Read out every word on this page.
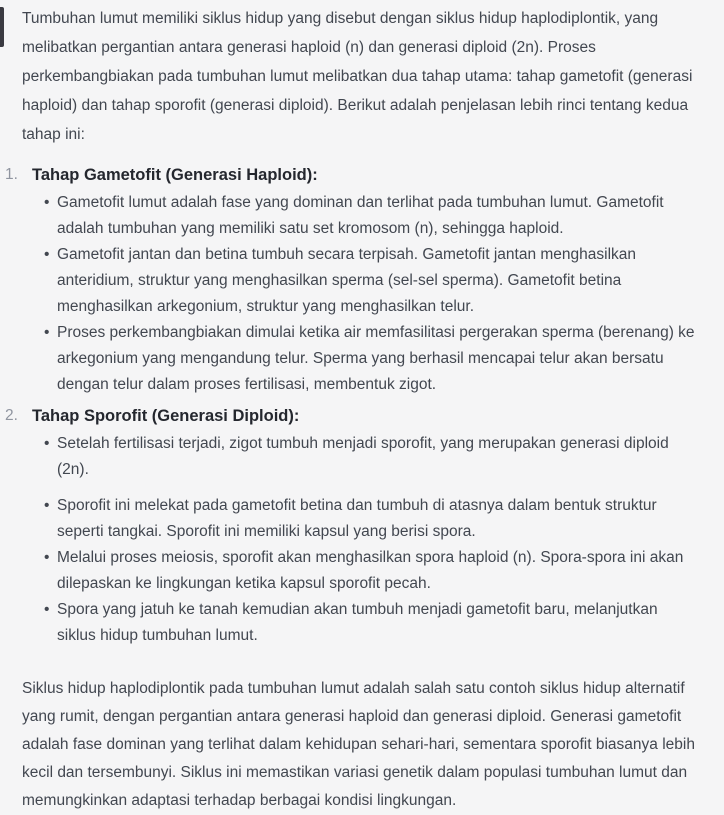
Tumbuhan lumut memiliki siklus hidup yang disebut dengan siklus hidup haplodiplontik, yang melibatkan pergantian antara generasi haploid (n) dan generasi diploid (2n). Proses perkembangbiakan pada tumbuhan lumut melibatkan dua tahap utama: tahap gametofit (generasi haploid) dan tahap sporofit (generasi diploid). Berikut adalah penjelasan lebih rinci tentang kedua tahap ini:

1. Tahap Gametofit (Generasi Haploid):
• Gametofit lumut adalah fase yang dominan dan terlihat pada tumbuhan lumut. Gametofit adalah tumbuhan yang memiliki satu set kromosom (n), sehingga haploid.
• Gametofit jantan dan betina tumbuh secara terpisah. Gametofit jantan menghasilkan anteridium, struktur yang menghasilkan sperma (sel-sel sperma). Gametofit betina menghasilkan arkegonium, struktur yang menghasilkan telur.
• Proses perkembangbiakan dimulai ketika air memfasilitasi pergerakan sperma (berenang) ke arkegonium yang mengandung telur. Sperma yang berhasil mencapai telur akan bersatu dengan telur dalam proses fertilisasi, membentuk zigot.
2. Tahap Sporofit (Generasi Diploid):
• Setelah fertilisasi terjadi, zigot tumbuh menjadi sporofit, yang merupakan generasi diploid (2n).
• Sporofit ini melekat pada gametofit betina dan tumbuh di atasnya dalam bentuk struktur seperti tangkai. Sporofit ini memiliki kapsul yang berisi spora.
• Melalui proses meiosis, sporofit akan menghasilkan spora haploid (n). Spora-spora ini akan dilepaskan ke lingkungan ketika kapsul sporofit pecah.
• Spora yang jatuh ke tanah kemudian akan tumbuh menjadi gametofit baru, melanjutkan siklus hidup tumbuhan lumut.

Siklus hidup haplodiplontik pada tumbuhan lumut adalah salah satu contoh siklus hidup alternatif yang rumit, dengan pergantian antara generasi haploid dan generasi diploid. Generasi gametofit adalah fase dominan yang terlihat dalam kehidupan sehari-hari, sementara sporofit biasanya lebih kecil dan tersembunyi. Siklus ini memastikan variasi genetik dalam populasi tumbuhan lumut dan memungkinkan adaptasi terhadap berbagai kondisi lingkungan.
